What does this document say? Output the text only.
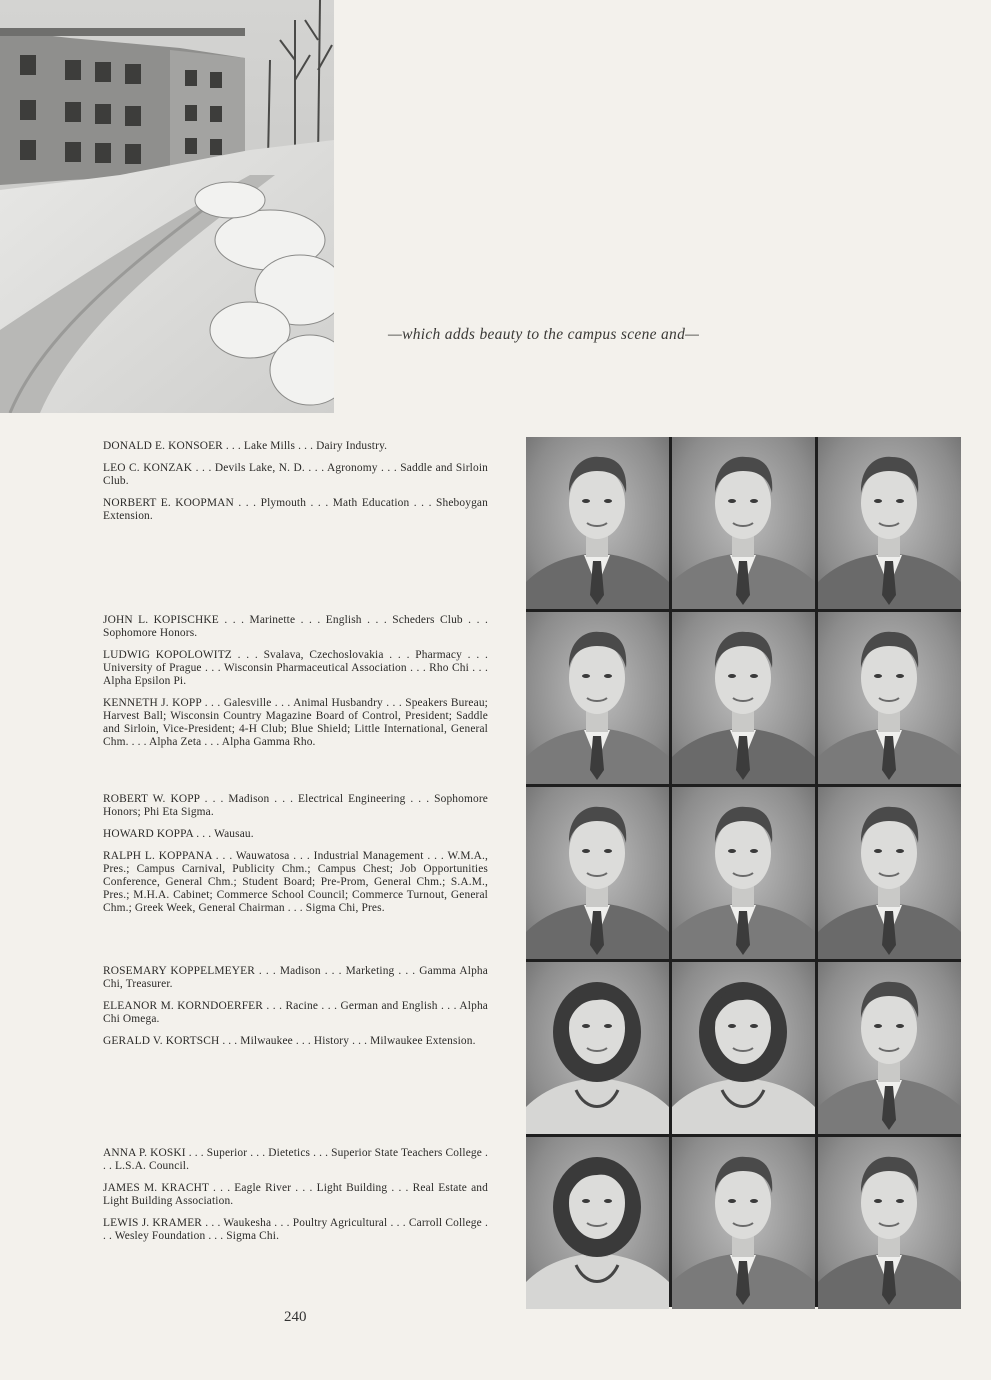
—which adds beauty to the campus scene and—

DONALD E. KONSOER . . . Lake Mills . . . Dairy Industry.

LEO C. KONZAK . . . Devils Lake, N. D. . . . Agronomy . . . Saddle and Sirloin Club.

NORBERT E. KOOPMAN . . . Plymouth . . . Math Education . . . Sheboygan Extension.

JOHN L. KOPISCHKE . . . Marinette . . . English . . . Scheders Club . . . Sophomore Honors.

LUDWIG KOPOLOWITZ . . . Svalava, Czechoslovakia . . . Pharmacy . . . University of Prague . . . Wisconsin Pharmaceutical Association . . . Rho Chi . . . Alpha Epsilon Pi.

KENNETH J. KOPP . . . Galesville . . . Animal Husbandry . . . Speakers Bureau; Harvest Ball; Wisconsin Country Magazine Board of Control, President; Saddle and Sirloin, Vice-President; 4-H Club; Blue Shield; Little International, General Chm. . . . Alpha Zeta . . . Alpha Gamma Rho.

ROBERT W. KOPP . . . Madison . . . Electrical Engineering . . . Sophomore Honors; Phi Eta Sigma.

HOWARD KOPPA . . . Wausau.

RALPH L. KOPPANA . . . Wauwatosa . . . Industrial Management . . . W.M.A., Pres.; Campus Carnival, Publicity Chm.; Campus Chest; Job Opportunities Conference, General Chm.; Student Board; Pre-Prom, General Chm.; S.A.M., Pres.; M.H.A. Cabinet; Commerce School Council; Commerce Turnout, General Chm.; Greek Week, General Chairman . . . Sigma Chi, Pres.

ROSEMARY KOPPELMEYER . . . Madison . . . Marketing . . . Gamma Alpha Chi, Treasurer.

ELEANOR M. KORNDOERFER . . . Racine . . . German and English . . . Alpha Chi Omega.

GERALD V. KORTSCH . . . Milwaukee . . . History . . . Milwaukee Extension.

ANNA P. KOSKI . . . Superior . . . Dietetics . . . Superior State Teachers College . . . L.S.A. Council.

JAMES M. KRACHT . . . Eagle River . . . Light Building . . . Real Estate and Light Building Association.

LEWIS J. KRAMER . . . Waukesha . . . Poultry Agricultural . . . Carroll College . . . Wesley Foundation . . . Sigma Chi.

240
